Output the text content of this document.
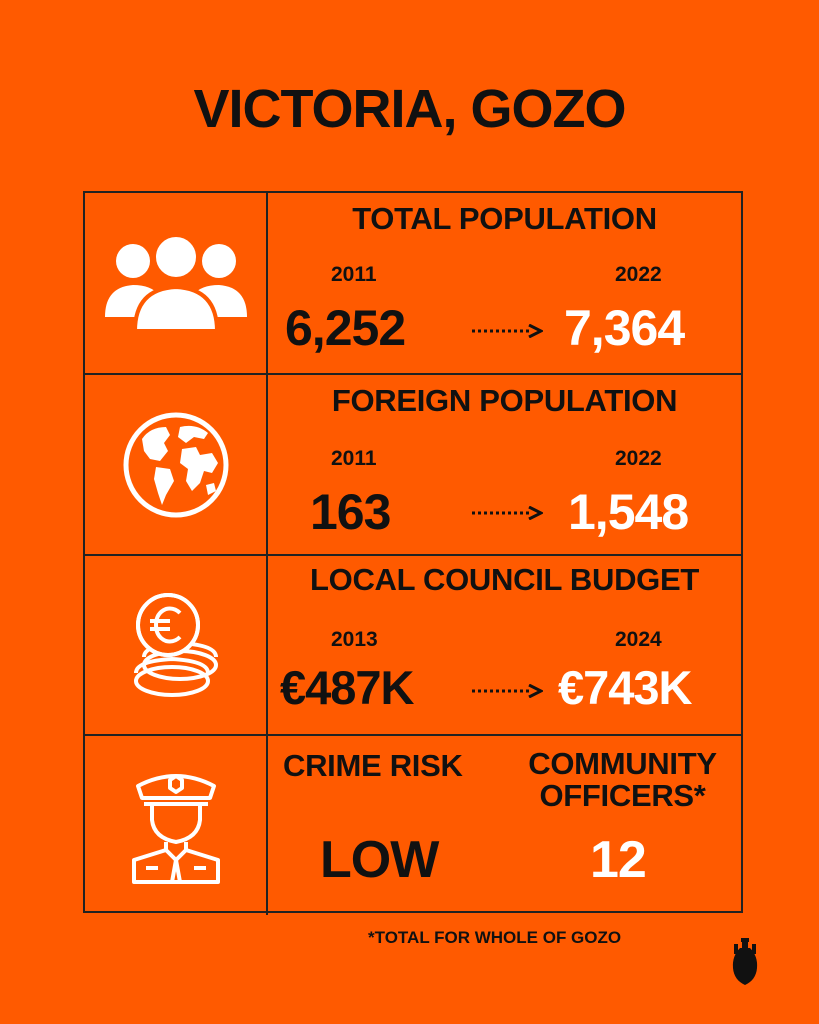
VICTORIA, GOZO
TOTAL POPULATION
2011	2022
6,252	7,364
FOREIGN POPULATION
2011	2022
163	1,548
LOCAL COUNCIL BUDGET
2013	2024
€487K	€743K
CRIME RISK	COMMUNITY
OFFICERS*
LOW	12
*TOTAL FOR WHOLE OF GOZO
